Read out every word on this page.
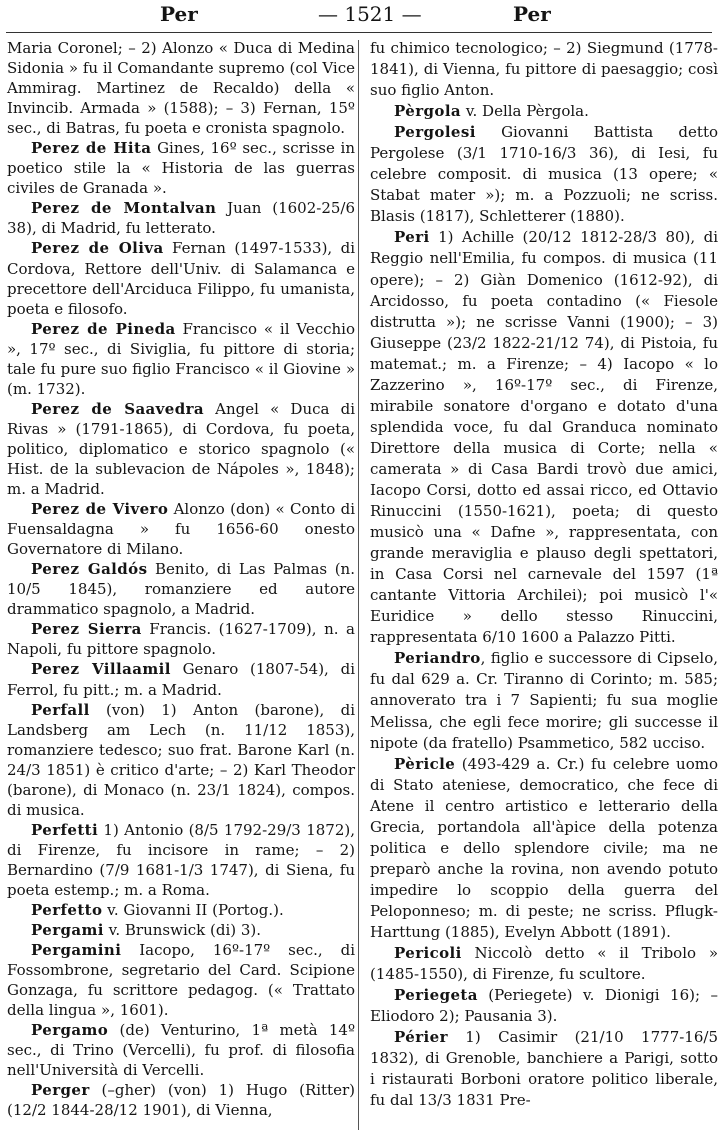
Per	— 1521 —	Per

Maria Coronel; – 2) Alonzo « Duca di Medina Sidonia » fu il Comandante supremo (col Vice Ammirag. Martinez de Recaldo) della « Invincib. Armada » (1588); – 3) Fernan, 15º sec., di Batras, fu poeta e cronista spagnolo.

Perez de Hita Gines, 16º sec., scrisse in poetico stile la « Historia de las guerras civiles de Granada ».

Perez de Montalvan Juan (1602-25/6 38), di Madrid, fu letterato.

Perez de Oliva Fernan (1497-1533), di Cordova, Rettore dell'Univ. di Salamanca e precettore dell'Arciduca Filippo, fu umanista, poeta e filosofo.

Perez de Pineda Francisco « il Vecchio », 17º sec., di Siviglia, fu pittore di storia; tale fu pure suo figlio Francisco « il Giovine » (m. 1732).

Perez de Saavedra Angel « Duca di Rivas » (1791-1865), di Cordova, fu poeta, politico, diplomatico e storico spagnolo (« Hist. de la sublevacion de Nápoles », 1848); m. a Madrid.

Perez de Vivero Alonzo (don) « Conto di Fuensaldagna » fu 1656-60 onesto Governatore di Milano.

Perez Galdós Benito, di Las Palmas (n. 10/5 1845), romanziere ed autore drammatico spagnolo, a Madrid.

Perez Sierra Francis. (1627-1709), n. a Napoli, fu pittore spagnolo.

Perez Villaamil Genaro (1807-54), di Ferrol, fu pitt.; m. a Madrid.

Perfall (von) 1) Anton (barone), di Landsberg am Lech (n. 11/12 1853), romanziere tedesco; suo frat. Barone Karl (n. 24/3 1851) è critico d'arte; – 2) Karl Theodor (barone), di Monaco (n. 23/1 1824), compos. di musica.

Perfetti 1) Antonio (8/5 1792-29/3 1872), di Firenze, fu incisore in rame; – 2) Bernardino (7/9 1681-1/3 1747), di Siena, fu poeta estemp.; m. a Roma.

Perfetto v. Giovanni II (Portog.).

Pergami v. Brunswick (di) 3).

Pergamini Iacopo, 16º-17º sec., di Fossombrone, segretario del Card. Scipione Gonzaga, fu scrittore pedagog. (« Trattato della lingua », 1601).

Pergamo (de) Venturino, 1ª metà 14º sec., di Trino (Vercelli), fu prof. di filosofia nell'Università di Vercelli.

Perger (–gher) (von) 1) Hugo (Ritter) (12/2 1844-28/12 1901), di Vienna,

fu chimico tecnologico; – 2) Siegmund (1778-1841), di Vienna, fu pittore di paesaggio; così suo figlio Anton.

Pèrgola v. Della Pèrgola.

Pergolesi Giovanni Battista detto Pergolese (3/1 1710-16/3 36), di Iesi, fu celebre composit. di musica (13 opere; « Stabat mater »); m. a Pozzuoli; ne scriss. Blasis (1817), Schletterer (1880).

Peri 1) Achille (20/12 1812-28/3 80), di Reggio nell'Emilia, fu compos. di musica (11 opere); – 2) Giàn Domenico (1612-92), di Arcidosso, fu poeta contadino (« Fiesole distrutta »); ne scrisse Vanni (1900); – 3) Giuseppe (23/2 1822-21/12 74), di Pistoia, fu matemat.; m. a Firenze; – 4) Iacopo « lo Zazzerino », 16º-17º sec., di Firenze, mirabile sonatore d'organo e dotato d'una splendida voce, fu dal Granduca nominato Direttore della musica di Corte; nella « camerata » di Casa Bardi trovò due amici, Iacopo Corsi, dotto ed assai ricco, ed Ottavio Rinuccini (1550-1621), poeta; di questo musicò una « Dafne », rappresentata, con grande meraviglia e plauso degli spettatori, in Casa Corsi nel carnevale del 1597 (1ª cantante Vittoria Archilei); poi musicò l'« Euridice » dello stesso Rinuccini, rappresentata 6/10 1600 a Palazzo Pitti.

Periandro, figlio e successore di Cipselo, fu dal 629 a. Cr. Tiranno di Corinto; m. 585; annoverato tra i 7 Sapienti; fu sua moglie Melissa, che egli fece morire; gli successe il nipote (da fratello) Psammetico, 582 ucciso.

Pèricle (493-429 a. Cr.) fu celebre uomo di Stato ateniese, democratico, che fece di Atene il centro artistico e letterario della Grecia, portandola all'àpice della potenza politica e dello splendore civile; ma ne preparò anche la rovina, non avendo potuto impedire lo scoppio della guerra del Peloponneso; m. di peste; ne scriss. Pflugk-Harttung (1885), Evelyn Abbott (1891).

Pericoli Niccolò detto « il Tribolo » (1485-1550), di Firenze, fu scultore.

Periegeta (Periegete) v. Dionigi 16); – Eliodoro 2); Pausania 3).

Périer 1) Casimir (21/10 1777-16/5 1832), di Grenoble, banchiere a Parigi, sotto i ristaurati Borboni oratore politico liberale, fu dal 13/3 1831 Pre-
